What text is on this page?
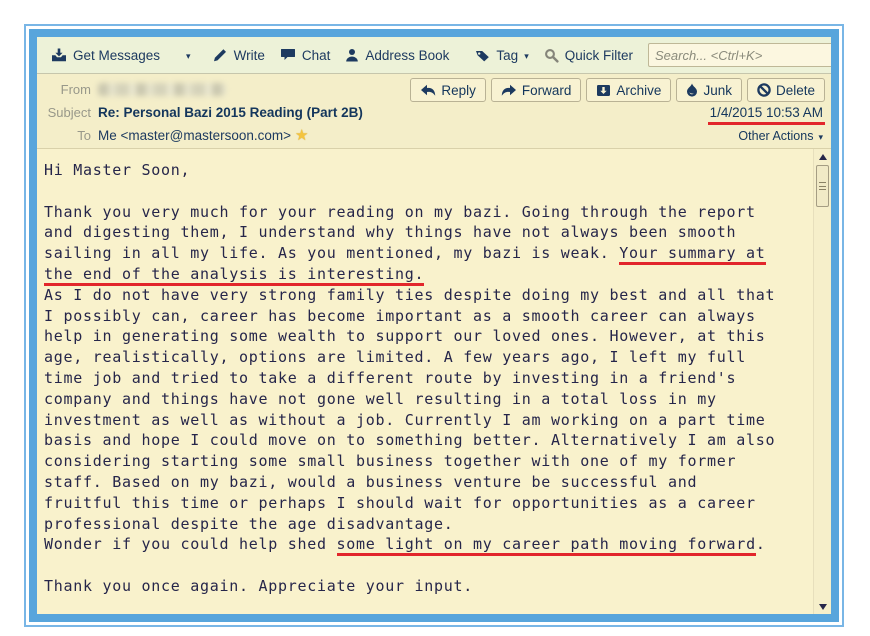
Get Messages	▾	Write	Chat	Address Book	Tag ▾	Quick Filter
Search... <Ctrl+K>
From
Subject Re: Personal Bazi 2015 Reading (Part 2B)
To Me <master@mastersoon.com> ★
Reply	Forward	Archive	Junk	Delete
1/4/2015 10:53 AM
Other Actions ▾
Hi Master Soon,

Thank you very much for your reading on my bazi. Going through the report
and digesting them, I understand why things have not always been smooth
sailing in all my life. As you mentioned, my bazi is weak. Your summary at
the end of the analysis is interesting.
As I do not have very strong family ties despite doing my best and all that
I possibly can, career has become important as a smooth career can always
help in generating some wealth to support our loved ones. However, at this
age, realistically, options are limited. A few years ago, I left my full
time job and tried to take a different route by investing in a friend's
company and things have not gone well resulting in a total loss in my
investment as well as without a job. Currently I am working on a part time
basis and hope I could move on to something better. Alternatively I am also
considering starting some small business together with one of my former
staff. Based on my bazi, would a business venture be successful and
fruitful this time or perhaps I should wait for opportunities as a career
professional despite the age disadvantage.
Wonder if you could help shed some light on my career path moving forward.

Thank you once again. Appreciate your input.
